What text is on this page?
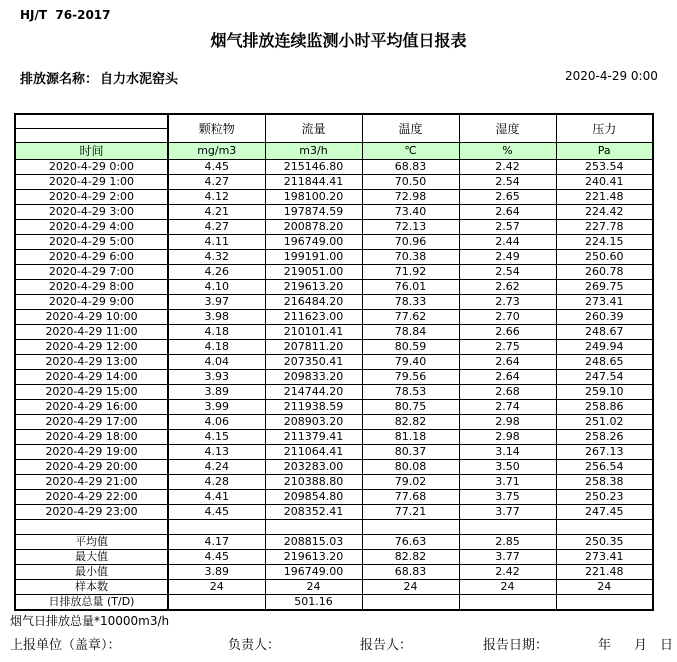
HJ/T  76-2017
烟气排放连续监测小时平均值日报表
排放源名称： 自力水泥窑头	2020-4-29 0:00
	颗粒物	流量	温度	湿度	压力
时间	mg/m3	m3/h	℃	%	Pa
2020-4-29 0:00	4.45	215146.80	68.83	2.42	253.54
2020-4-29 1:00	4.27	211844.41	70.50	2.54	240.41
2020-4-29 2:00	4.12	198100.20	72.98	2.65	221.48
2020-4-29 3:00	4.21	197874.59	73.40	2.64	224.42
2020-4-29 4:00	4.27	200878.20	72.13	2.57	227.78
2020-4-29 5:00	4.11	196749.00	70.96	2.44	224.15
2020-4-29 6:00	4.32	199191.00	70.38	2.49	250.60
2020-4-29 7:00	4.26	219051.00	71.92	2.54	260.78
2020-4-29 8:00	4.10	219613.20	76.01	2.62	269.75
2020-4-29 9:00	3.97	216484.20	78.33	2.73	273.41
2020-4-29 10:00	3.98	211623.00	77.62	2.70	260.39
2020-4-29 11:00	4.18	210101.41	78.84	2.66	248.67
2020-4-29 12:00	4.18	207811.20	80.59	2.75	249.94
2020-4-29 13:00	4.04	207350.41	79.40	2.64	248.65
2020-4-29 14:00	3.93	209833.20	79.56	2.64	247.54
2020-4-29 15:00	3.89	214744.20	78.53	2.68	259.10
2020-4-29 16:00	3.99	211938.59	80.75	2.74	258.86
2020-4-29 17:00	4.06	208903.20	82.82	2.98	251.02
2020-4-29 18:00	4.15	211379.41	81.18	2.98	258.26
2020-4-29 19:00	4.13	211064.41	80.37	3.14	267.13
2020-4-29 20:00	4.24	203283.00	80.08	3.50	256.54
2020-4-29 21:00	4.28	210388.80	79.02	3.71	258.38
2020-4-29 22:00	4.41	209854.80	77.68	3.75	250.23
2020-4-29 23:00	4.45	208352.41	77.21	3.77	247.45

平均值	4.17	208815.03	76.63	2.85	250.35
最大值	4.45	219613.20	82.82	3.77	273.41
最小值	3.89	196749.00	68.83	2.42	221.48
样本数	24	24	24	24	24
日排放总量 (T/D)		501.16			
烟气日排放总量*10000m3/h
上报单位（盖章）：	负责人：	报告人：	报告日期：	年 月 日
